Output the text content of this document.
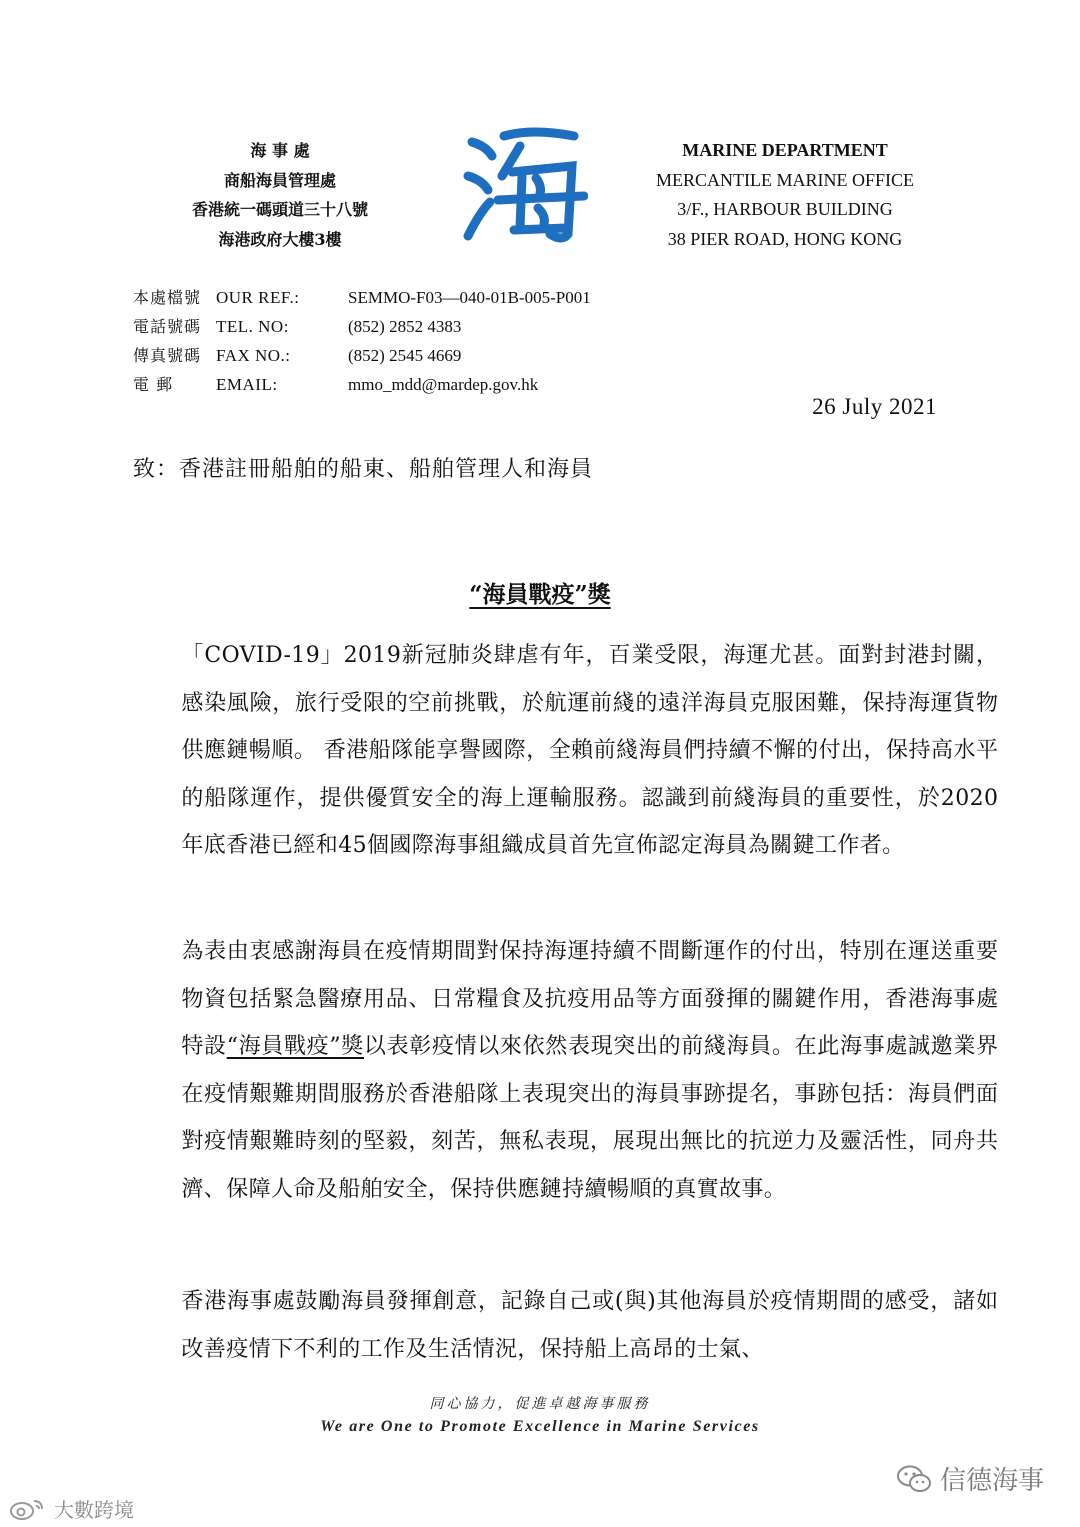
海 事 處
商船海員管理處
香港統一碼頭道三十八號
海港政府大樓3樓
MARINE DEPARTMENT
MERCANTILE MARINE OFFICE
3/F., HARBOUR BUILDING
38 PIER ROAD, HONG KONG
本處檔號 OUR REF.:	SEMMO-F03—040-01B-005-P001
電話號碼 TEL. NO:	(852) 2852 4383
傳真號碼 FAX NO.:	(852) 2545 4669
電 郵	EMAIL:	mmo_mdd@mardep.gov.hk
26 July 2021
致：香港註冊船舶的船東、船舶管理人和海員
“海員戰疫”獎
「COVID-19」2019新冠肺炎肆虐有年，百業受限，海運尤甚。面對封港封關，感染風險，旅行受限的空前挑戰，於航運前綫的遠洋海員克服困難，保持海運貨物供應鏈暢順。 香港船隊能享譽國際，全賴前綫海員們持續不懈的付出，保持高水平的船隊運作，提供優質安全的海上運輸服務。認識到前綫海員的重要性，於2020年底香港已經和45個國際海事組織成員首先宣佈認定海員為關鍵工作者。
為表由衷感謝海員在疫情期間對保持海運持續不間斷運作的付出，特別在運送重要物資包括緊急醫療用品、日常糧食及抗疫用品等方面發揮的關鍵作用，香港海事處特設“海員戰疫”獎以表彰疫情以來依然表現突出的前綫海員。在此海事處誠邀業界在疫情艱難期間服務於香港船隊上表現突出的海員事跡提名，事跡包括：海員們面對疫情艱難時刻的堅毅，刻苦，無私表現，展現出無比的抗逆力及靈活性，同舟共濟、保障人命及船舶安全，保持供應鏈持續暢順的真實故事。
香港海事處鼓勵海員發揮創意，記錄自己或(與)其他海員於疫情期間的感受，諸如改善疫情下不利的工作及生活情況，保持船上高昂的士氣、
同心協力，促進卓越海事服務
We are One to Promote Excellence in Marine Services
信德海事
大數跨境
